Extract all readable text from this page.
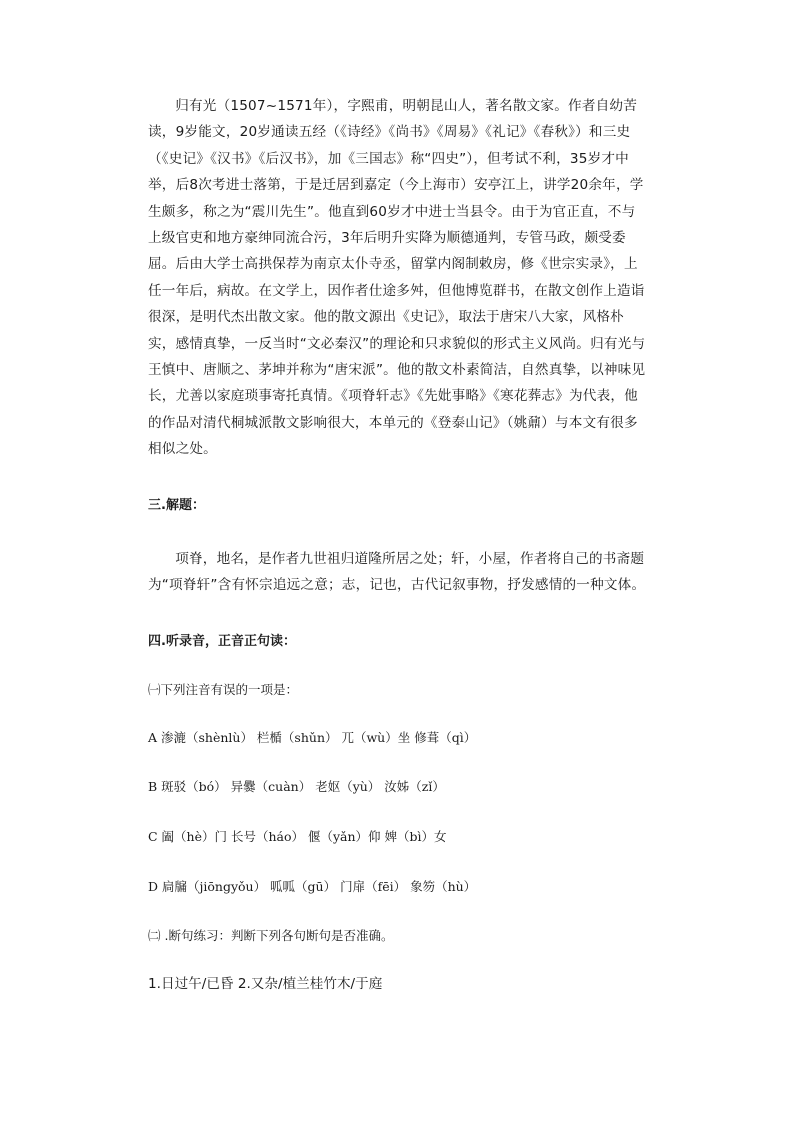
归有光（1507~1571年），字熙甫，明朝昆山人，著名散文家。作者自幼苦读，9岁能文，20岁通读五经（《诗经》《尚书》《周易》《礼记》《春秋》）和三史（《史记》《汉书》《后汉书》，加《三国志》称“四史”），但考试不利，35岁才中举，后8次考进士落第，于是迁居到嘉定（今上海市）安亭江上，讲学20余年，学生颇多，称之为“震川先生”。他直到60岁才中进士当县令。由于为官正直，不与上级官吏和地方豪绅同流合污，3年后明升实降为顺德通判，专管马政，颇受委屈。后由大学士高拱保荐为南京太仆寺丞，留掌内阁制敕房，修《世宗实录》，上任一年后，病故。在文学上，因作者仕途多舛，但他博览群书，在散文创作上造诣很深，是明代杰出散文家。他的散文源出《史记》，取法于唐宋八大家，风格朴实，感情真挚，一反当时“文必秦汉”的理论和只求貌似的形式主义风尚。归有光与王慎中、唐顺之、茅坤并称为“唐宋派”。他的散文朴素简洁，自然真挚，以神味见长，尤善以家庭琐事寄托真情。《项脊轩志》《先妣事略》《寒花葬志》为代表，他的作品对清代桐城派散文影响很大，本单元的《登泰山记》（姚鼐）与本文有很多相似之处。

三.解题：

项脊，地名，是作者九世祖归道隆所居之处；轩，小屋，作者将自己的书斋题为“项脊轩”含有怀宗追远之意；志，记也，古代记叙事物，抒发感情的一种文体。

四.听录音，正音正句读：

㈠下列注音有误的一项是：

A 渗漉（shènlù） 栏楯（shǔn） 兀（wù）坐 修葺（qì）

B 斑驳（bó） 异爨（cuàn） 老妪（yù） 汝姊（zǐ）

C 阖（hè）门 长号（háo） 偃（yǎn）仰 婢（bì）女

D 扃牖（jiōngyǒu） 呱呱（gū） 门扉（fēi） 象笏（hù）

㈡ .断句练习：判断下列各句断句是否准确。

1.日过午/已昏 2.又杂/植兰桂竹木/于庭
